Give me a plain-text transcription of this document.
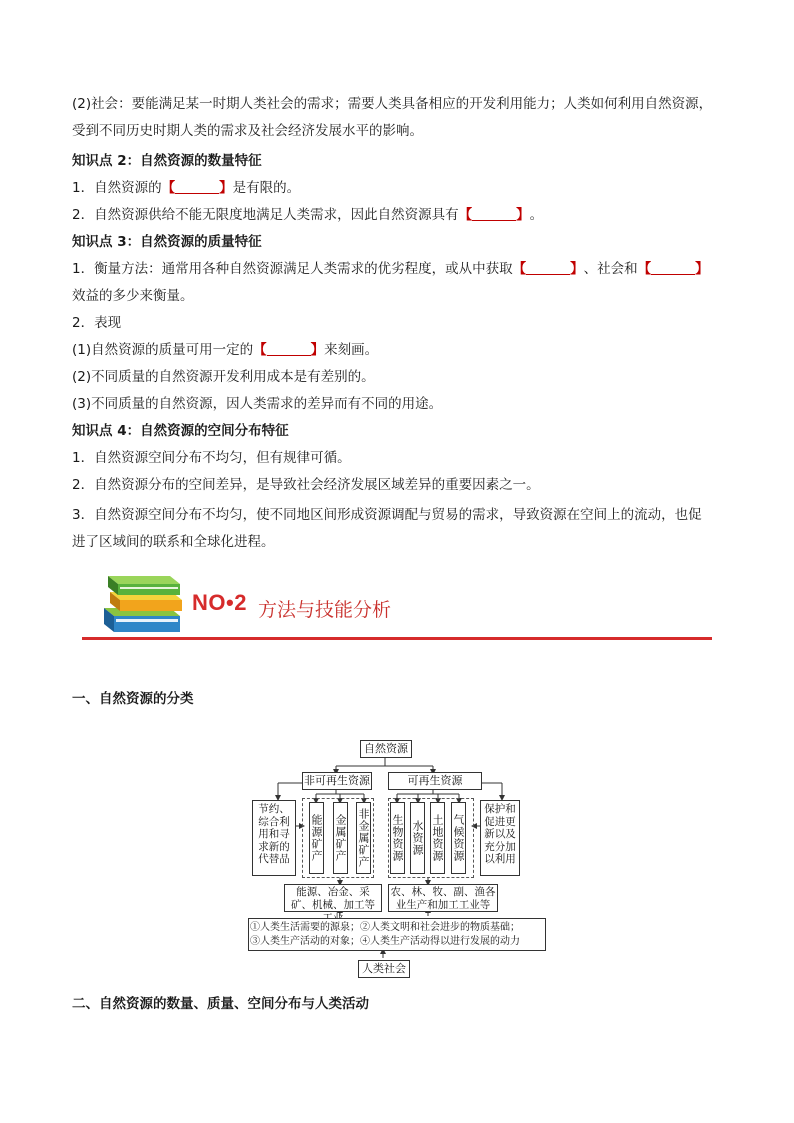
(2)社会：要能满足某一时期人类社会的需求；需要人类具备相应的开发利用能力；人类如何利用自然资源，
受到不同历史时期人类的需求及社会经济发展水平的影响。
知识点 2：自然资源的数量特征
1．自然资源的【	】是有限的。
2．自然资源供给不能无限度地满足人类需求，因此自然资源具有【	】。
知识点 3：自然资源的质量特征
1．衡量方法：通常用各种自然资源满足人类需求的优劣程度，或从中获取【	】、社会和【	】
效益的多少来衡量。
2．表现
(1)自然资源的质量可用一定的【	】来刻画。
(2)不同质量的自然资源开发利用成本是有差别的。
(3)不同质量的自然资源，因人类需求的差异而有不同的用途。
知识点 4：自然资源的空间分布特征
1．自然资源空间分布不均匀，但有规律可循。
2．自然资源分布的空间差异，是导致社会经济发展区域差异的重要因素之一。
3．自然资源空间分布不均匀，使不同地区间形成资源调配与贸易的需求，导致资源在空间上的流动，也促
进了区域间的联系和全球化进程。
NO•2 方法与技能分析
一、自然资源的分类
自然资源
非可再生资源	可再生资源
节约、综合利用和寻求新的代替品
保护和促进更新以及充分加以利用
能源矿产 金属矿产 非金属矿产 生物资源 水资源 土地资源 气候资源
能源、冶金、采矿、机械、加工等
农、林、牧、副、渔各业生产和加工工业等
①人类生活需要的源泉；②人类文明和社会进步的物质基础；
③人类生产活动的对象；④人类生产活动得以进行发展的动力
人类社会
二、自然资源的数量、质量、空间分布与人类活动
